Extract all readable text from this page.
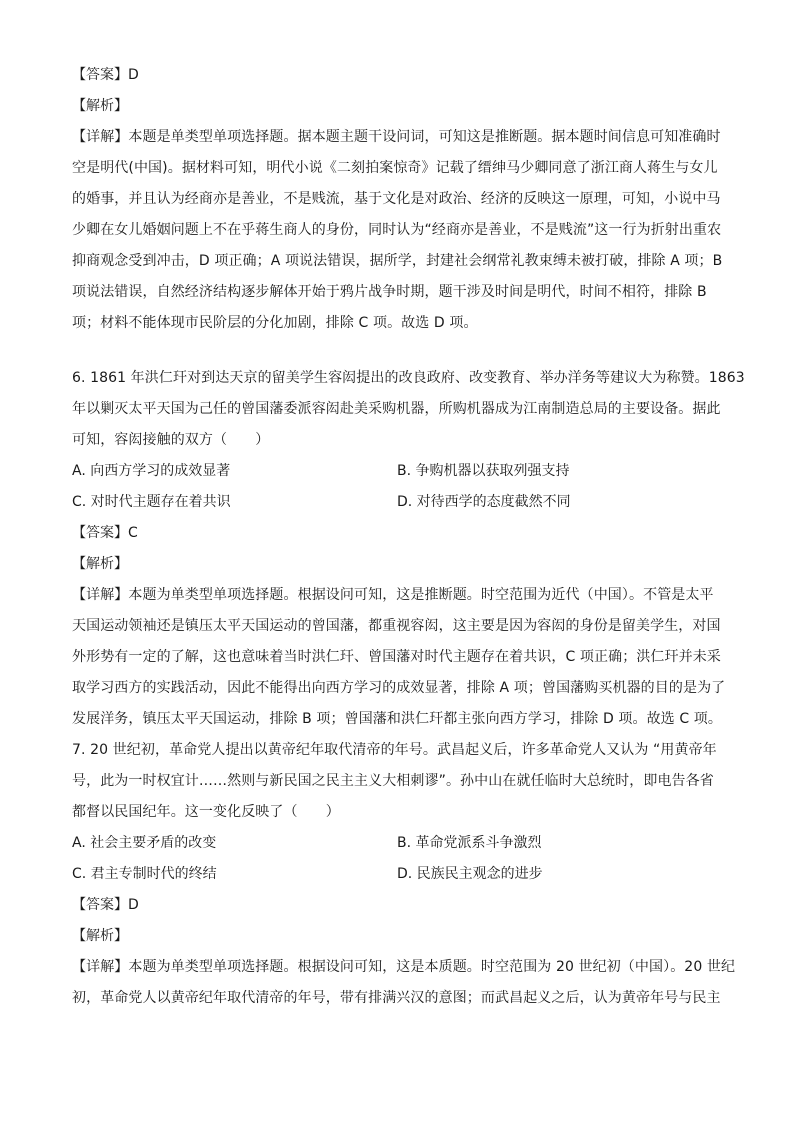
【答案】D
【解析】
【详解】本题是单类型单项选择题。据本题主题干设问词，可知这是推断题。据本题时间信息可知准确时
空是明代(中国)。据材料可知，明代小说《二刻拍案惊奇》记载了缙绅马少卿同意了浙江商人蒋生与女儿
的婚事，并且认为经商亦是善业，不是贱流，基于文化是对政治、经济的反映这一原理，可知，小说中马
少卿在女儿婚姻问题上不在乎蒋生商人的身份，同时认为“经商亦是善业，不是贱流”这一行为折射出重农
抑商观念受到冲击，D 项正确；A 项说法错误，据所学，封建社会纲常礼教束缚未被打破，排除 A 项；B
项说法错误，自然经济结构逐步解体开始于鸦片战争时期，题干涉及时间是明代，时间不相符，排除 B
项；材料不能体现市民阶层的分化加剧，排除 C 项。故选 D 项。
6. 1861 年洪仁玕对到达天京的留美学生容闳提出的改良政府、改变教育、举办洋务等建议大为称赞。1863
年以剿灭太平天国为己任的曾国藩委派容闳赴美采购机器，所购机器成为江南制造总局的主要设备。据此
可知，容闳接触的双方（　　）
A. 向西方学习的成效显著	B. 争购机器以获取列强支持
C. 对时代主题存在着共识	D. 对待西学的态度截然不同
【答案】C
【解析】
【详解】本题为单类型单项选择题。根据设问可知，这是推断题。时空范围为近代（中国）。不管是太平
天国运动领袖还是镇压太平天国运动的曾国藩，都重视容闳，这主要是因为容闳的身份是留美学生，对国
外形势有一定的了解，这也意味着当时洪仁玕、曾国藩对时代主题存在着共识，C 项正确；洪仁玕并未采
取学习西方的实践活动，因此不能得出向西方学习的成效显著，排除 A 项；曾国藩购买机器的目的是为了
发展洋务，镇压太平天国运动，排除 B 项；曾国藩和洪仁玕都主张向西方学习，排除 D 项。故选 C 项。
7. 20 世纪初，革命党人提出以黄帝纪年取代清帝的年号。武昌起义后，许多革命党人又认为 “用黄帝年
号，此为一时权宜计……然则与新民国之民主主义大相刺谬”。孙中山在就任临时大总统时，即电告各省
都督以民国纪年。这一变化反映了（　　）
A. 社会主要矛盾的改变	B. 革命党派系斗争激烈
C. 君主专制时代的终结	D. 民族民主观念的进步
【答案】D
【解析】
【详解】本题为单类型单项选择题。根据设问可知，这是本质题。时空范围为 20 世纪初（中国）。20 世纪
初，革命党人以黄帝纪年取代清帝的年号，带有排满兴汉的意图；而武昌起义之后，认为黄帝年号与民主
